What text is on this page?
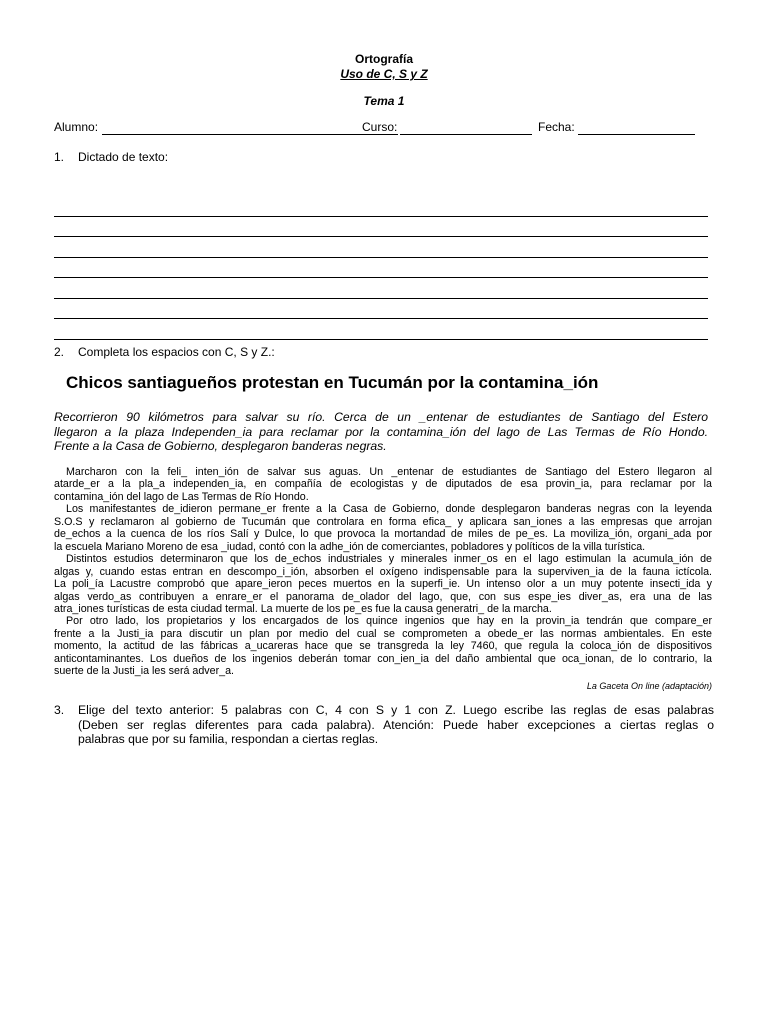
Ortografía
Uso de C, S y Z
Tema 1
Alumno:	Curso:	Fecha:
1. Dictado de texto:
2. Completa los espacios con C, S y Z.:
Chicos santiagueños protestan en Tucumán por la contamina_ión
Recorrieron 90 kilómetros para salvar su río. Cerca de un _entenar de estudiantes de Santiago del Estero
llegaron a la plaza Independen_ia para reclamar por la contamina_ión del lago de Las Termas de Río Hondo.
Frente a la Casa de Gobierno, desplegaron banderas negras.
Marcharon con la feli_ inten_ión de salvar sus aguas. Un _entenar de estudiantes de Santiago del Estero llegaron al
atarde_er a la pla_a independen_ia, en compañía de ecologistas y de diputados de esa provin_ia, para reclamar por la
contamina_ión del lago de Las Termas de Río Hondo.
Los manifestantes de_idieron permane_er frente a la Casa de Gobierno, donde desplegaron banderas negras con la leyenda
S.O.S y reclamaron al gobierno de Tucumán que controlara en forma efica_ y aplicara san_iones a las empresas que arrojan
de_echos a la cuenca de los ríos Salí y Dulce, lo que provoca la mortandad de miles de pe_es. La moviliza_ión, organi_ada por
la escuela Mariano Moreno de esa _iudad, contó con la adhe_ión de comerciantes, pobladores y políticos de la villa turística.
Distintos estudios determinaron que los de_echos industriales y minerales inmer_os en el lago estimulan la acumula_ión de
algas y, cuando estas entran en descompo_i_ión, absorben el oxígeno indispensable para la superviven_ia de la fauna ictícola.
La poli_ía Lacustre comprobó que apare_ieron peces muertos en la superfi_ie. Un intenso olor a un muy potente insecti_ida y
algas verdo_as contribuyen a enrare_er el panorama de_olador del lago, que, con sus espe_ies diver_as, era una de las
atra_iones turísticas de esta ciudad termal. La muerte de los pe_es fue la causa generatri_ de la marcha.
Por otro lado, los propietarios y los encargados de los quince ingenios que hay en la provin_ia tendrán que compare_er
frente a la Justi_ia para discutir un plan por medio del cual se comprometen a obede_er las normas ambientales. En este
momento, la actitud de las fábricas a_ucareras hace que se transgreda la ley 7460, que regula la coloca_ión de dispositivos
anticontaminantes. Los dueños de los ingenios deberán tomar con_ien_ia del daño ambiental que oca_ionan, de lo contrario, la
suerte de la Justi_ia les será adver_a.
La Gaceta On line (adaptación)
3. Elige del texto anterior: 5 palabras con C, 4 con S y 1 con Z. Luego escribe las reglas de esas palabras
(Deben ser reglas diferentes para cada palabra). Atención: Puede haber excepciones a ciertas reglas o
palabras que por su familia, respondan a ciertas reglas.
